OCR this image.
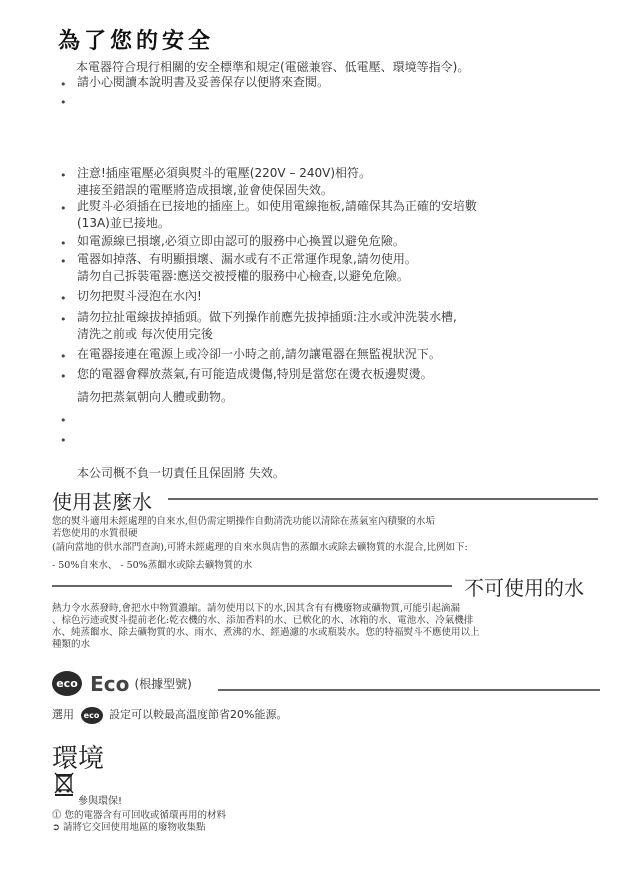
為了您的安全
本電器符合現行相關的安全標準和規定(電磁兼容、低電壓、環境等指令)。
• 請小心閱讀本說明書及妥善保存以便將來查閱。
•
• 注意!插座電壓必須與熨斗的電壓(220V – 240V)相符。
連接至錯誤的電壓將造成損壞,並會使保固失效。
• 此熨斗必須插在已接地的插座上。如使用電線拖板,請確保其為正確的安培數
(13A)並已接地。
• 如電源線已損壞,必須立即由認可的服務中心換置以避免危險。
• 電器如掉落、有明顯損壞、漏水或有不正常運作現象,請勿使用。
請勿自己拆裝電器:應送交被授權的服務中心檢查,以避免危險。
• 切勿把熨斗浸泡在水內!
• 請勿拉扯電線拔掉插頭。做下列操作前應先拔掉插頭:注水或沖洗裝水槽,
清洗之前或 每次使用完後
• 在電器接連在電源上或冷卻一小時之前,請勿讓電器在無監視狀況下。
• 您的電器會釋放蒸氣,有可能造成燙傷,特別是當您在燙衣板邊熨燙。
請勿把蒸氣朝向人體或動物。
•
•
本公司概不負一切責任且保固將 失效。
使用甚麼水
您的熨斗適用未經處理的自來水,但仍需定期操作自動清洗功能以清除在蒸氣室內積聚的水垢
若您使用的水質很硬
(請向當地的供水部門查詢),可將未經處理的自來水與店售的蒸餾水或除去礦物質的水混合,比例如下:
- 50%自來水、 - 50%蒸餾水或除去礦物質的水
不可使用的水
熱力令水蒸發時,會把水中物質濃縮。請勿使用以下的水,因其含有有機廢物或礦物質,可能引起滴漏
、棕色污迹或熨斗提前老化:乾衣機的水、添加香料的水、已軟化的水、冰箱的水、電池水、冷氣機排
水、純蒸餾水、除去礦物質的水、雨水、煮沸的水、經過濾的水或瓶裝水。您的特福熨斗不應使用以上
種類的水
eco Eco (根據型號)
選用 eco 設定可以較最高溫度節省20%能源。
環境
參與環保!
⓵ 您的電器含有可回收或循環再用的材料
➲ 請將它交回使用地區的廢物收集點
